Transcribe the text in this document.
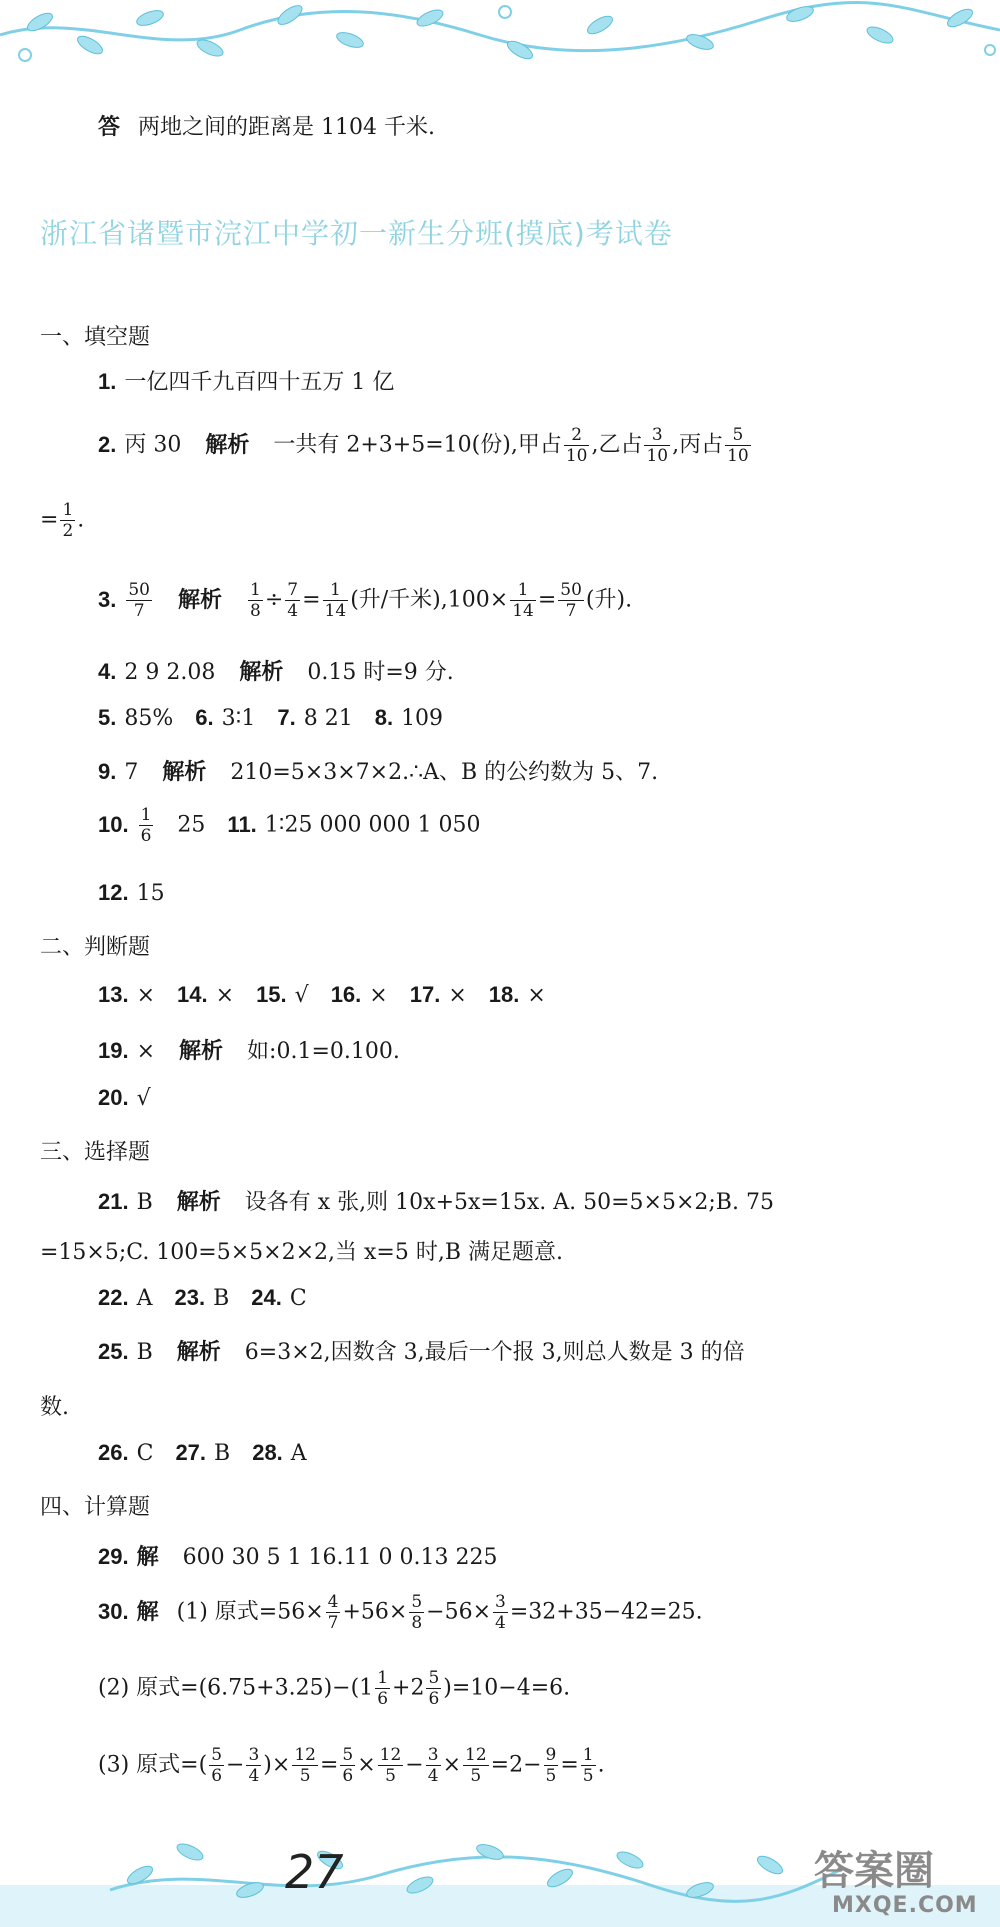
答 两地之间的距离是 1104 千米.
浙江省诸暨市浣江中学初一新生分班(摸底)考试卷
一、填空题
1. 一亿四千九百四十五万 1 亿
2. 丙 30 解析 一共有 2+3+5=10(份),甲占 $\frac{2}{10}$ ,乙占 $\frac{3}{10}$ ,丙占 $\frac{5}{10}$
= $\frac{1}{2}$ .
3. $\frac{50}{7}$ 解析 $\frac{1}{8} \div \frac{7}{4} = \frac{1}{14}$ (升/千米)$,100\times \frac{1}{14} = \frac{50}{7}$ (升).
4. 2 9 2.08 解析 0.15 时=9 分.
5. 85% 6. 3∶1 7. 8 21 8. 109
9. 7 解析 210=5×3×7×2.∴A、B 的公约数为 5、7.
10. $\frac{1}{6} 25$ 11. 1∶25 000 000 1 050
12. 15
二、判断题
13. × 14. × 15. √ 16. × 17. × 18. ×
19. × 解析 如:0.1=0.100.
20. √
三、选择题
21. B 解析 设各有 x 张,则 10x+5x=15x. A. 50=5×5×2;B. 75
=15×5;C. 100=5×5×2×2,当 x=5 时,B 满足题意.
22. A 23. B 24. C
25. B 解析 6=3×2,因数含 3,最后一个报 3,则总人数是 3 的倍
数.
26. C 27. B 28. A
四、计算题
29. 解 600 30 5 1 16.11 0 0.13 225
30. 解 (1) 原式$=56\times \frac{4}{7} +56\times \frac{5}{8} -56\times \frac{3}{4} =32+35-42=25$.
(2) 原式$=(6.75+3.25)-(1 \frac{1}{6} +2 \frac{5}{6} )=10-4=6$.
(3) 原式=( $\frac{5}{6} - \frac{3}{4}$ )× $\frac{12}{5} = \frac{5}{6} \times \frac{12}{5} - \frac{3}{4} \times \frac{12}{5} =2- \frac{9}{5} = \frac{1}{5}$ .
27	答案圈
MXQE.COM
